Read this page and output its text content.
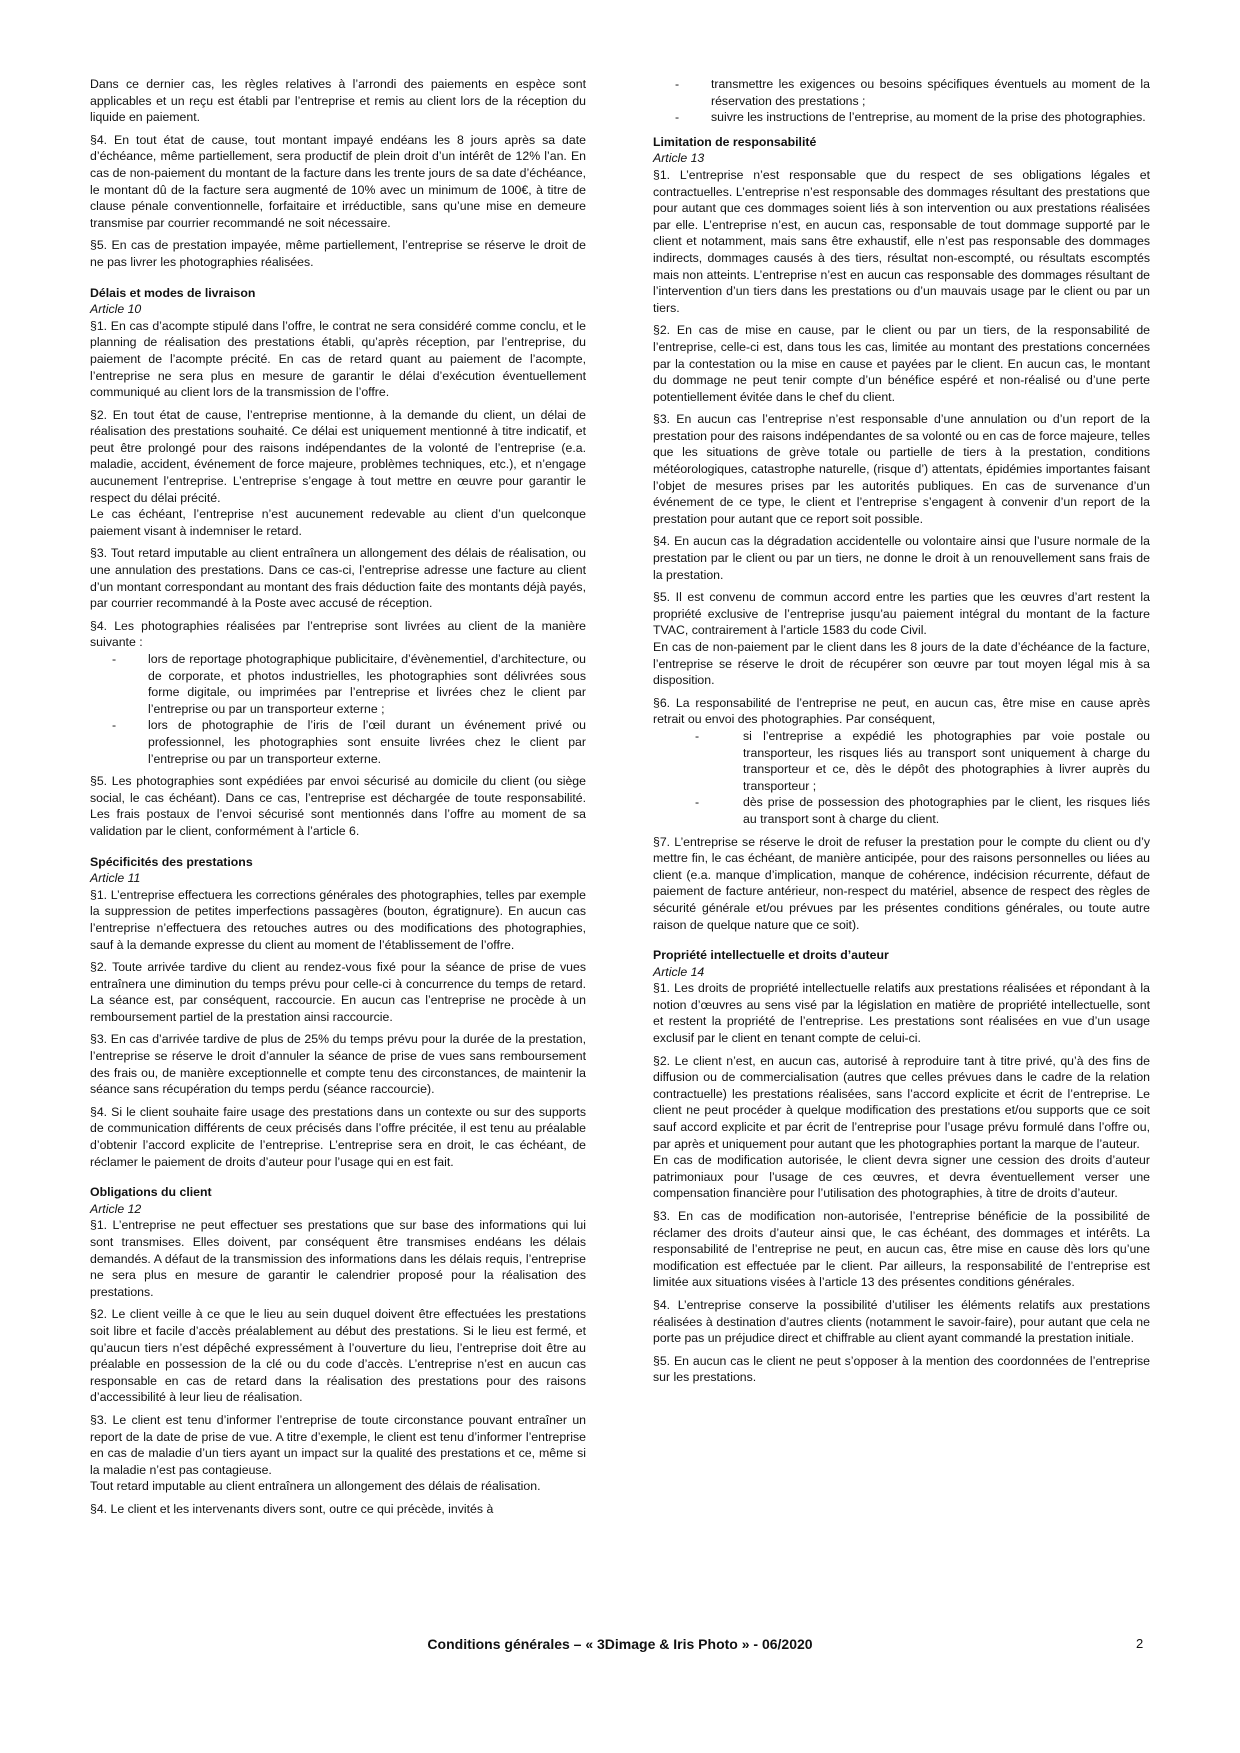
Dans ce dernier cas, les règles relatives à l’arrondi des paiements en espèce sont applicables et un reçu est établi par l’entreprise et remis au client lors de la réception du liquide en paiement.

§4. En tout état de cause, tout montant impayé endéans les 8 jours après sa date d’échéance, même partiellement, sera productif de plein droit d’un intérêt de 12% l’an. En cas de non-paiement du montant de la facture dans les trente jours de sa date d’échéance, le montant dû de la facture sera augmenté de 10% avec un minimum de 100€, à titre de clause pénale conventionnelle, forfaitaire et irréductible, sans qu’une mise en demeure transmise par courrier recommandé ne soit nécessaire.

§5. En cas de prestation impayée, même partiellement, l’entreprise se réserve le droit de ne pas livrer les photographies réalisées.

Délais et modes de livraison

Article 10

§1. En cas d’acompte stipulé dans l’offre, le contrat ne sera considéré comme conclu, et le planning de réalisation des prestations établi, qu’après réception, par l’entreprise, du paiement de l’acompte précité. En cas de retard quant au paiement de l’acompte, l’entreprise ne sera plus en mesure de garantir le délai d’exécution éventuellement communiqué au client lors de la transmission de l’offre.

§2. En tout état de cause, l’entreprise mentionne, à la demande du client, un délai de réalisation des prestations souhaité. Ce délai est uniquement mentionné à titre indicatif, et peut être prolongé pour des raisons indépendantes de la volonté de l’entreprise (e.a. maladie, accident, événement de force majeure, problèmes techniques, etc.), et n’engage aucunement l’entreprise. L’entreprise s’engage à tout mettre en œuvre pour garantir le respect du délai précité.

Le cas échéant, l’entreprise n’est aucunement redevable au client d’un quelconque paiement visant à indemniser le retard.

§3. Tout retard imputable au client entraînera un allongement des délais de réalisation, ou une annulation des prestations. Dans ce cas-ci, l’entreprise adresse une facture au client d’un montant correspondant au montant des frais déduction faite des montants déjà payés, par courrier recommandé à la Poste avec accusé de réception.

§4. Les photographies réalisées par l’entreprise sont livrées au client de la manière suivante :

-	lors de reportage photographique publicitaire, d’évènementiel, d’architecture, ou de corporate, et photos industrielles, les photographies sont délivrées sous forme digitale, ou imprimées par l’entreprise et livrées chez le client par l’entreprise ou par un transporteur externe ;
-	lors de photographie de l’iris de l’œil durant un événement privé ou professionnel, les photographies sont ensuite livrées chez le client par l’entreprise ou par un transporteur externe.

§5. Les photographies sont expédiées par envoi sécurisé au domicile du client (ou siège social, le cas échéant). Dans ce cas, l’entreprise est déchargée de toute responsabilité. Les frais postaux de l’envoi sécurisé sont mentionnés dans l’offre au moment de sa validation par le client, conformément à l’article 6.

Spécificités des prestations

Article 11

§1. L’entreprise effectuera les corrections générales des photographies, telles par exemple la suppression de petites imperfections passagères (bouton, égratignure). En aucun cas l’entreprise n’effectuera des retouches autres ou des modifications des photographies, sauf à la demande expresse du client au moment de l’établissement de l’offre.

§2. Toute arrivée tardive du client au rendez-vous fixé pour la séance de prise de vues entraînera une diminution du temps prévu pour celle-ci à concurrence du temps de retard. La séance est, par conséquent, raccourcie. En aucun cas l’entreprise ne procède à un remboursement partiel de la prestation ainsi raccourcie.

§3. En cas d’arrivée tardive de plus de 25% du temps prévu pour la durée de la prestation, l’entreprise se réserve le droit d’annuler la séance de prise de vues sans remboursement des frais ou, de manière exceptionnelle et compte tenu des circonstances, de maintenir la séance sans récupération du temps perdu (séance raccourcie).

§4. Si le client souhaite faire usage des prestations dans un contexte ou sur des supports de communication différents de ceux précisés dans l’offre précitée, il est tenu au préalable d’obtenir l’accord explicite de l’entreprise. L’entreprise sera en droit, le cas échéant, de réclamer le paiement de droits d’auteur pour l’usage qui en est fait.

Obligations du client

Article 12

§1. L’entreprise ne peut effectuer ses prestations que sur base des informations qui lui sont transmises. Elles doivent, par conséquent être transmises endéans les délais demandés. A défaut de la transmission des informations dans les délais requis, l’entreprise ne sera plus en mesure de garantir le calendrier proposé pour la réalisation des prestations.

§2. Le client veille à ce que le lieu au sein duquel doivent être effectuées les prestations soit libre et facile d’accès préalablement au début des prestations. Si le lieu est fermé, et qu’aucun tiers n’est dépêché expressément à l’ouverture du lieu, l’entreprise doit être au préalable en possession de la clé ou du code d’accès. L’entreprise n’est en aucun cas responsable en cas de retard dans la réalisation des prestations pour des raisons d’accessibilité à leur lieu de réalisation.

§3. Le client est tenu d’informer l’entreprise de toute circonstance pouvant entraîner un report de la date de prise de vue. A titre d’exemple, le client est tenu d’informer l’entreprise en cas de maladie d’un tiers ayant un impact sur la qualité des prestations et ce, même si la maladie n’est pas contagieuse.

Tout retard imputable au client entraînera un allongement des délais de réalisation.

§4. Le client et les intervenants divers sont, outre ce qui précède, invités à

-	transmettre les exigences ou besoins spécifiques éventuels au moment de la réservation des prestations ;
-	suivre les instructions de l’entreprise, au moment de la prise des photographies.

Limitation de responsabilité

Article 13

§1. L’entreprise n’est responsable que du respect de ses obligations légales et contractuelles. L’entreprise n’est responsable des dommages résultant des prestations que pour autant que ces dommages soient liés à son intervention ou aux prestations réalisées par elle. L’entreprise n’est, en aucun cas, responsable de tout dommage supporté par le client et notamment, mais sans être exhaustif, elle n’est pas responsable des dommages indirects, dommages causés à des tiers, résultat non-escompté, ou résultats escomptés mais non atteints. L’entreprise n’est en aucun cas responsable des dommages résultant de l’intervention d’un tiers dans les prestations ou d’un mauvais usage par le client ou par un tiers.

§2. En cas de mise en cause, par le client ou par un tiers, de la responsabilité de l’entreprise, celle-ci est, dans tous les cas, limitée au montant des prestations concernées par la contestation ou la mise en cause et payées par le client. En aucun cas, le montant du dommage ne peut tenir compte d’un bénéfice espéré et non-réalisé ou d’une perte potentiellement évitée dans le chef du client.

§3. En aucun cas l’entreprise n’est responsable d’une annulation ou d’un report de la prestation pour des raisons indépendantes de sa volonté ou en cas de force majeure, telles que les situations de grève totale ou partielle de tiers à la prestation, conditions météorologiques, catastrophe naturelle, (risque d’) attentats, épidémies importantes faisant l’objet de mesures prises par les autorités publiques. En cas de survenance d’un événement de ce type, le client et l’entreprise s’engagent à convenir d’un report de la prestation pour autant que ce report soit possible.

§4. En aucun cas la dégradation accidentelle ou volontaire ainsi que l’usure normale de la prestation par le client ou par un tiers, ne donne le droit à un renouvellement sans frais de la prestation.

§5. Il est convenu de commun accord entre les parties que les œuvres d’art restent la propriété exclusive de l’entreprise jusqu’au paiement intégral du montant de la facture TVAC, contrairement à l’article 1583 du code Civil.

En cas de non-paiement par le client dans les 8 jours de la date d’échéance de la facture, l’entreprise se réserve le droit de récupérer son œuvre par tout moyen légal mis à sa disposition.

§6. La responsabilité de l’entreprise ne peut, en aucun cas, être mise en cause après retrait ou envoi des photographies. Par conséquent,

-	si l’entreprise a expédié les photographies par voie postale ou transporteur, les risques liés au transport sont uniquement à charge du transporteur et ce, dès le dépôt des photographies à livrer auprès du transporteur ;
-	dès prise de possession des photographies par le client, les risques liés au transport sont à charge du client.

§7. L’entreprise se réserve le droit de refuser la prestation pour le compte du client ou d’y mettre fin, le cas échéant, de manière anticipée, pour des raisons personnelles ou liées au client (e.a. manque d’implication, manque de cohérence, indécision récurrente, défaut de paiement de facture antérieur, non-respect du matériel, absence de respect des règles de sécurité générale et/ou prévues par les présentes conditions générales, ou toute autre raison de quelque nature que ce soit).

Propriété intellectuelle et droits d’auteur

Article 14

§1. Les droits de propriété intellectuelle relatifs aux prestations réalisées et répondant à la notion d’œuvres au sens visé par la législation en matière de propriété intellectuelle, sont et restent la propriété de l’entreprise. Les prestations sont réalisées en vue d’un usage exclusif par le client en tenant compte de celui-ci.

§2. Le client n’est, en aucun cas, autorisé à reproduire tant à titre privé, qu’à des fins de diffusion ou de commercialisation (autres que celles prévues dans le cadre de la relation contractuelle) les prestations réalisées, sans l’accord explicite et écrit de l’entreprise. Le client ne peut procéder à quelque modification des prestations et/ou supports que ce soit sauf accord explicite et par écrit de l’entreprise pour l’usage prévu formulé dans l’offre ou, par après et uniquement pour autant que les photographies portant la marque de l’auteur.

En cas de modification autorisée, le client devra signer une cession des droits d’auteur patrimoniaux pour l’usage de ces œuvres, et devra éventuellement verser une compensation financière pour l’utilisation des photographies, à titre de droits d’auteur.

§3. En cas de modification non-autorisée, l’entreprise bénéficie de la possibilité de réclamer des droits d’auteur ainsi que, le cas échéant, des dommages et intérêts. La responsabilité de l’entreprise ne peut, en aucun cas, être mise en cause dès lors qu’une modification est effectuée par le client. Par ailleurs, la responsabilité de l’entreprise est limitée aux situations visées à l’article 13 des présentes conditions générales.

§4. L’entreprise conserve la possibilité d’utiliser les éléments relatifs aux prestations réalisées à destination d’autres clients (notamment le savoir-faire), pour autant que cela ne porte pas un préjudice direct et chiffrable au client ayant commandé la prestation initiale.

§5. En aucun cas le client ne peut s’opposer à la mention des coordonnées de l’entreprise sur les prestations.

Conditions générales – « 3Dimage & Iris Photo » - 06/2020	2
